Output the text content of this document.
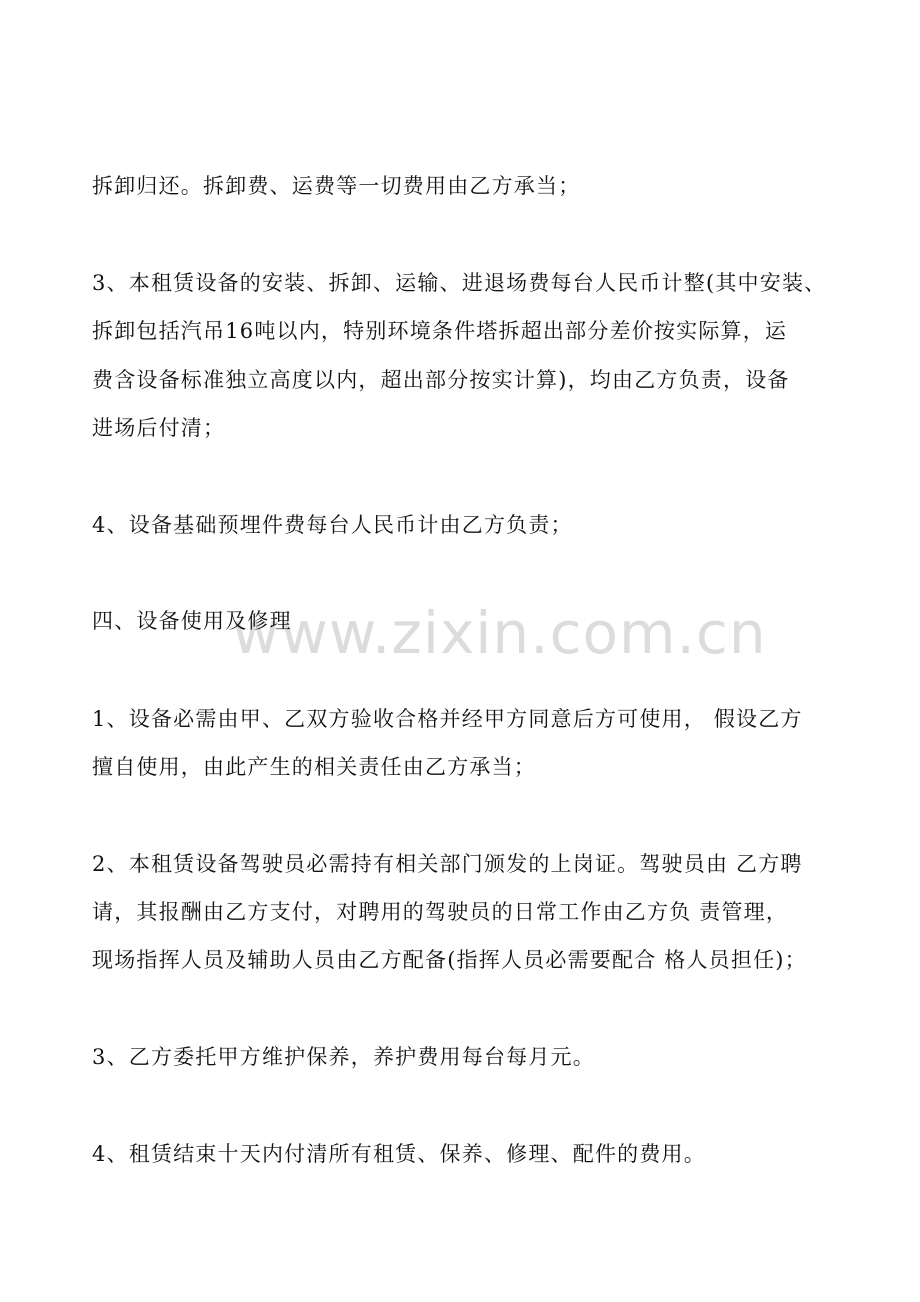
www.zixin.com.cn
拆卸归还。拆卸费、运费等一切费用由乙方承当；
3、本租赁设备的安装、拆卸、运输、进退场费每台人民币计整(其中安装、
拆卸包括汽吊16吨以内，特别环境条件塔拆超出部分差价按实际算，运
费含设备标准独立高度以内，超出部分按实计算)，均由乙方负责，设备
进场后付清；
4、设备基础预埋件费每台人民币计由乙方负责；
四、设备使用及修理
1、设备必需由甲、乙双方验收合格并经甲方同意后方可使用， 假设乙方
擅自使用，由此产生的相关责任由乙方承当；
2、本租赁设备驾驶员必需持有相关部门颁发的上岗证。驾驶员由 乙方聘
请，其报酬由乙方支付，对聘用的驾驶员的日常工作由乙方负 责管理，
现场指挥人员及辅助人员由乙方配备(指挥人员必需要配合 格人员担任)；
3、乙方委托甲方维护保养，养护费用每台每月元。
4、租赁结束十天内付清所有租赁、保养、修理、配件的费用。
